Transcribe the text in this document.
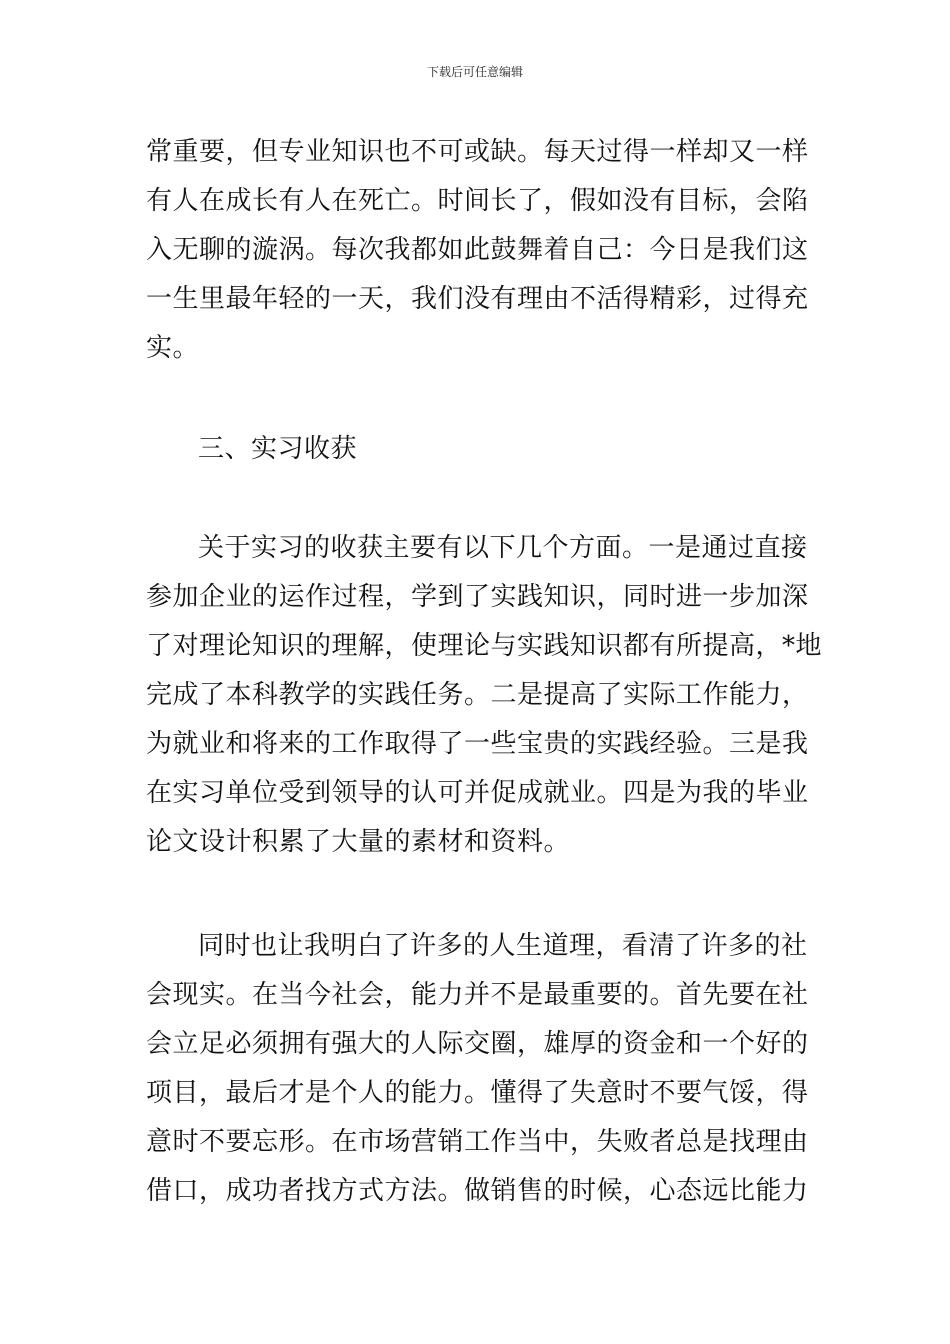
下载后可任意编辑
常重要，但专业知识也不可或缺。每天过得一样却又一样
有人在成长有人在死亡。时间长了，假如没有目标，会陷
入无聊的漩涡。每次我都如此鼓舞着自己：今日是我们这
一生里最年轻的一天，我们没有理由不活得精彩，过得充
实。
三、实习收获
关于实习的收获主要有以下几个方面。一是通过直接
参加企业的运作过程，学到了实践知识，同时进一步加深
了对理论知识的理解，使理论与实践知识都有所提高，*地
完成了本科教学的实践任务。二是提高了实际工作能力，
为就业和将来的工作取得了一些宝贵的实践经验。三是我
在实习单位受到领导的认可并促成就业。四是为我的毕业
论文设计积累了大量的素材和资料。
同时也让我明白了许多的人生道理，看清了许多的社
会现实。在当今社会，能力并不是最重要的。首先要在社
会立足必须拥有强大的人际交圈，雄厚的资金和一个好的
项目，最后才是个人的能力。懂得了失意时不要气馁，得
意时不要忘形。在市场营销工作当中，失败者总是找理由
借口，成功者找方式方法。做销售的时候，心态远比能力
